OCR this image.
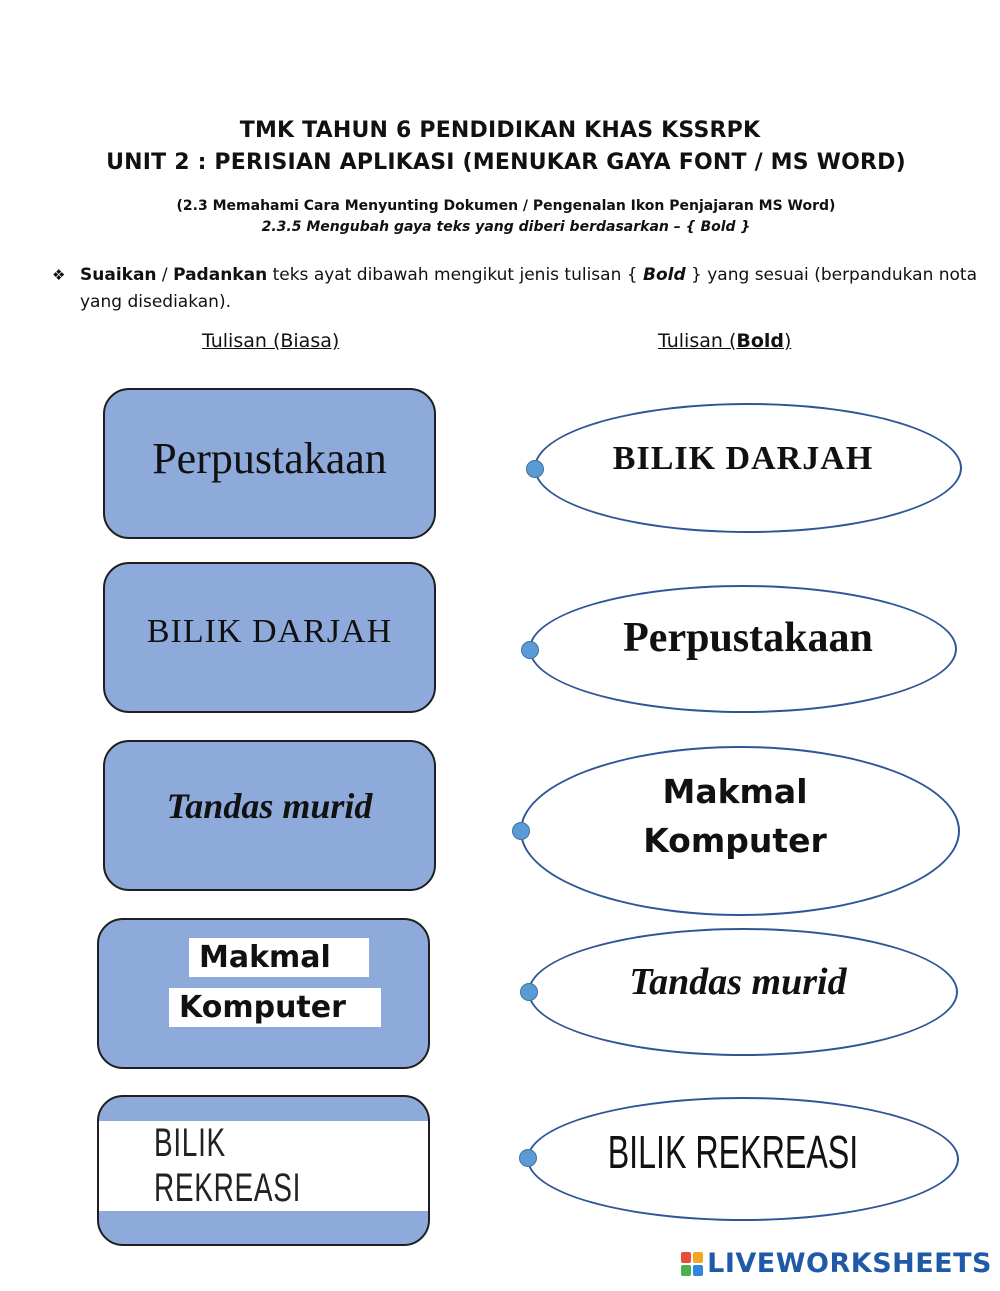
TMK TAHUN 6 PENDIDIKAN KHAS KSSRPK
UNIT 2 : PERISIAN APLIKASI (MENUKAR GAYA FONT / MS WORD)
(2.3 Memahami Cara Menyunting Dokumen / Pengenalan Ikon Penjajaran MS Word)
2.3.5 Mengubah gaya teks yang diberi berdasarkan – { Bold }
❖ Suaikan / Padankan teks ayat dibawah mengikut jenis tulisan { Bold } yang sesuai (berpandukan nota yang disediakan).
Tulisan (Biasa)	Tulisan (Bold)
Perpustakaan
BILIK DARJAH
Tandas murid
Makmal
Komputer
BILIK REKREASI
BILIK DARJAH
Perpustakaan
Makmal
Komputer
Tandas murid
BILIK REKREASI
LIVEWORKSHEETS
